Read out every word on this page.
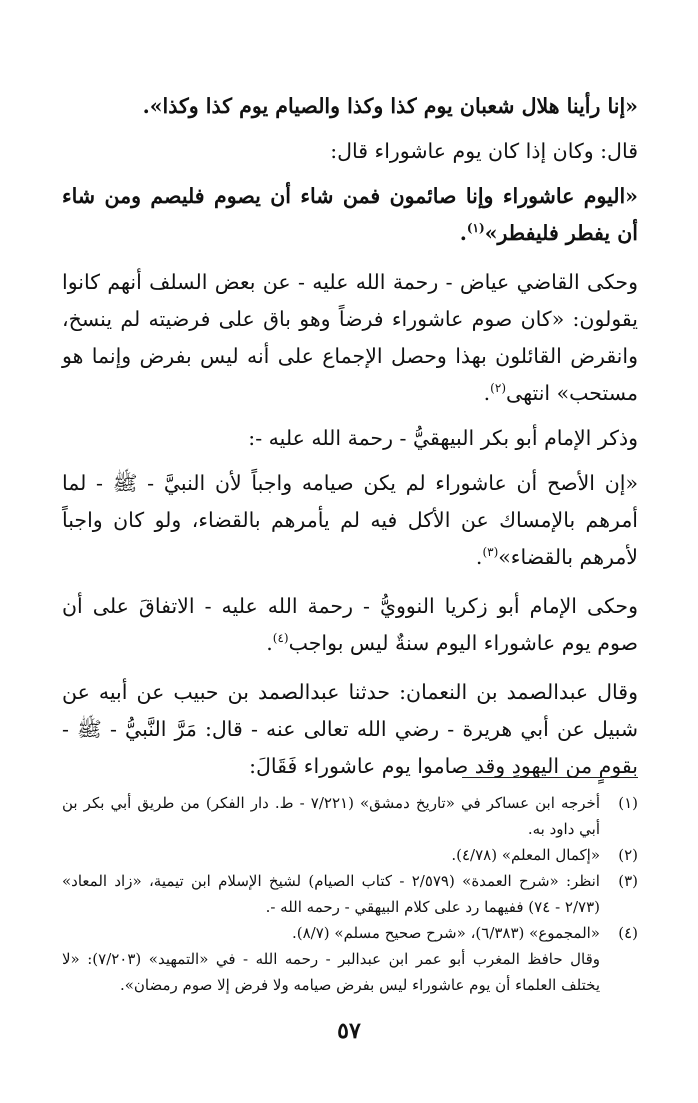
«إنا رأينا هلال شعبان يوم كذا وكذا والصيام يوم كذا وكذا».

قال: وكان إذا كان يوم عاشوراء قال:

«اليوم عاشوراء وإنا صائمون فمن شاء أن يصوم فليصم ومن شاء أن يفطر فليفطر»$^{(١)}$.

وحكى القاضي عياض - رحمة الله عليه - عن بعض السلف أنهم كانوا يقولون: «كان صوم عاشوراء فرضاً وهو باق على فرضيته لم ينسخ، وانقرض القائلون بهذا وحصل الإجماع على أنه ليس بفرض وإنما هو مستحب» انتهى$^{(٢)}$.

وذكر الإمام أبو بكر البيهقيُّ - رحمة الله عليه -:

«إن الأصح أن عاشوراء لم يكن صيامه واجباً لأن النبيَّ - ﷺ - لما أمرهم بالإمساك عن الأكل فيه لم يأمرهم بالقضاء، ولو كان واجباً لأمرهم بالقضاء»$^{(٣)}$.

وحكى الإمام أبو زكريا النوويُّ - رحمة الله عليه - الاتفاقَ على أن صوم يوم عاشوراء اليوم سنةٌ ليس بواجب$^{(٤)}$.

وقال عبدالصمد بن النعمان: حدثنا عبدالصمد بن حبيب عن أبيه عن شبيل عن أبي هريرة - رضي الله تعالى عنه - قال: مَرَّ النَّبيُّ - ﷺ - بقومٍ من اليهودِ وقد صاموا يوم عاشوراء فَقَالَ:

(١)
أخرجه ابن عساكر في «تاريخ دمشق» (٧/٢٢١ - ط. دار الفكر) من طريق أبي بكر بن أبي داود به.
(٢)
«إكمال المعلم» (٤/٧٨).
(٣)
انظر: «شرح العمدة» (٢/٥٧٩ - كتاب الصيام) لشيخ الإسلام ابن تيمية، «زاد المعاد» (٢/٧٣ - ٧٤) ففيهما رد على كلام البيهقي - رحمه الله -.
(٤)
«المجموع» (٦/٣٨٣)، «شرح صحيح مسلم» (٨/٧).
وقال حافظ المغرب أبو عمر ابن عبدالبر - رحمه الله - في «التمهيد» (٧/٢٠٣): «لا يختلف العلماء أن يوم عاشوراء ليس بفرض صيامه ولا فرض إلا صوم رمضان».
٥٧
